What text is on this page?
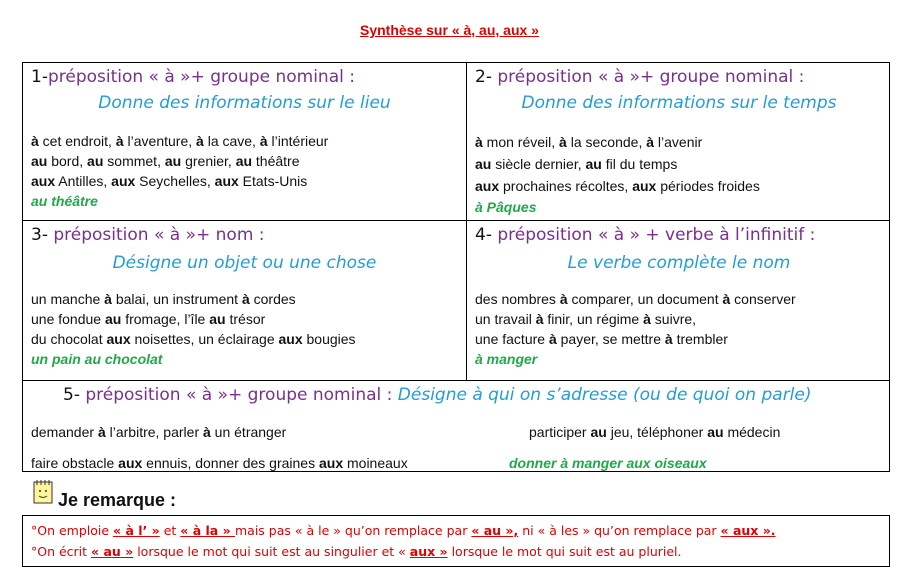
Synthèse sur « à, au, aux »
1-préposition « à »+ groupe nominal :
Donne des informations sur le lieu
à cet endroit, à l’aventure, à la cave, à l’intérieur
au bord, au sommet, au grenier, au théâtre
aux Antilles, aux Seychelles, aux Etats-Unis
au théâtre
2- préposition « à »+ groupe nominal :
Donne des informations sur le temps
à mon réveil, à la seconde, à l’avenir
au siècle dernier, au fil du temps
aux prochaines récoltes, aux périodes froides
à Pâques
3- préposition « à »+ nom :
Désigne un objet ou une chose
un manche à balai, un instrument à cordes
une fondue au fromage, l’île au trésor
du chocolat aux noisettes, un éclairage aux bougies
un pain au chocolat
4- préposition « à » + verbe à l’infinitif :
Le verbe complète le nom
des nombres à comparer, un document à conserver
un travail à finir, un régime à suivre,
une facture à payer, se mettre à trembler
à manger
5- préposition « à »+ groupe nominal : Désigne à qui on s’adresse (ou de quoi on parle)
demander à l’arbitre, parler à un étranger	participer au jeu, téléphoner au médecin
faire obstacle aux ennuis, donner des graines aux moineaux	donner à manger aux oiseaux
Je remarque :
°On emploie « à l’ » et « à la » mais pas « à le » qu’on remplace par « au », ni « à les » qu’on remplace par « aux ».
°On écrit « au » lorsque le mot qui suit est au singulier et « aux » lorsque le mot qui suit est au pluriel.
